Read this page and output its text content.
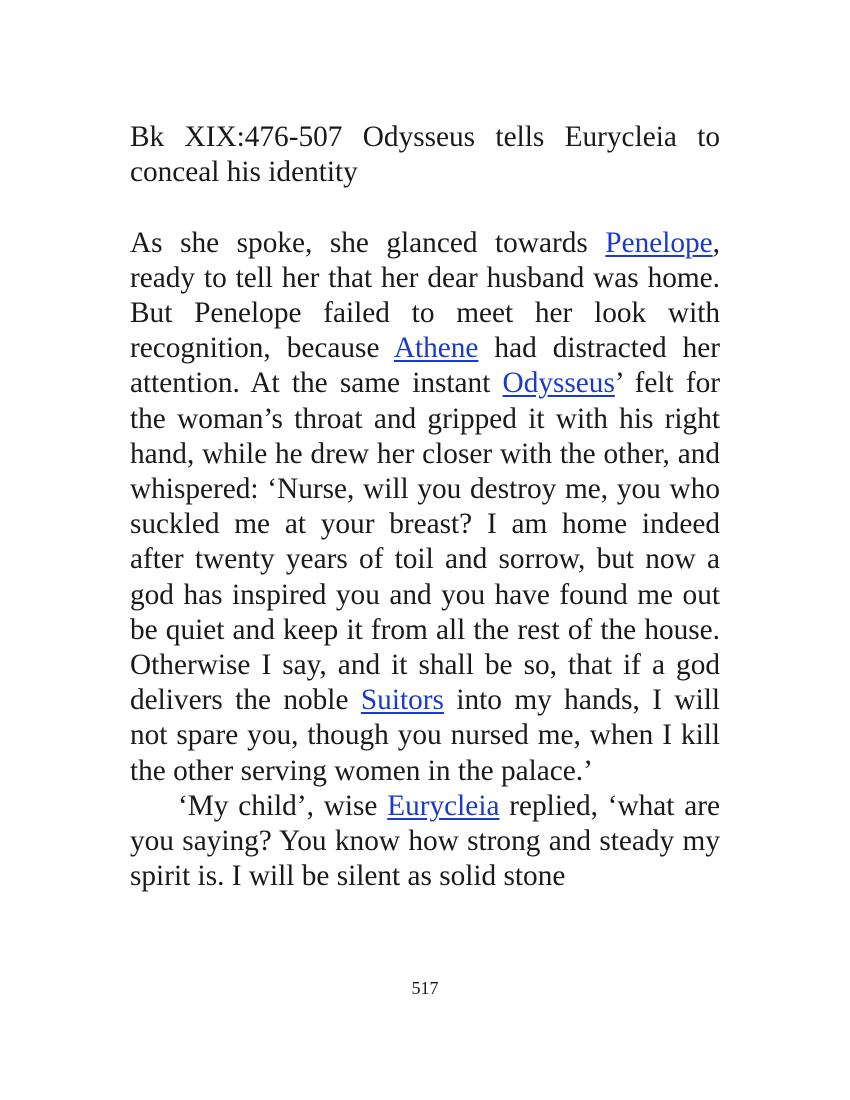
Bk XIX:476-507 Odysseus tells Eurycleia to conceal his identity

As she spoke, she glanced towards Penelope, ready to tell her that her dear husband was home. But Penelope failed to meet her look with recognition, because Athene had distracted her attention. At the same instant Odysseus’ felt for the woman’s throat and gripped it with his right hand, while he drew her closer with the other, and whispered: ‘Nurse, will you destroy me, you who suckled me at your breast? I am home indeed after twenty years of toil and sorrow, but now a god has inspired you and you have found me out be quiet and keep it from all the rest of the house. Otherwise I say, and it shall be so, that if a god delivers the noble Suitors into my hands, I will not spare you, though you nursed me, when I kill the other serving women in the palace.’

‘My child’, wise Eurycleia replied, ‘what are you saying? You know how strong and steady my spirit is. I will be silent as solid stone

517
